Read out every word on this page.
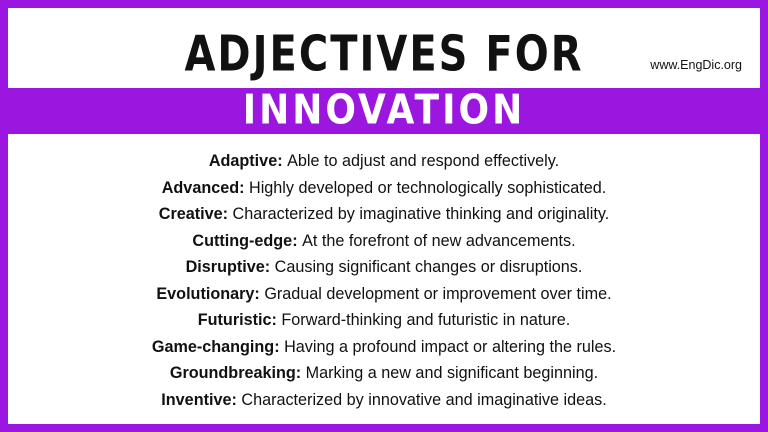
ADJECTIVES FOR	www.EngDic.org
INNOVATION
Adaptive: Able to adjust and respond effectively.
Advanced: Highly developed or technologically sophisticated.
Creative: Characterized by imaginative thinking and originality.
Cutting-edge: At the forefront of new advancements.
Disruptive: Causing significant changes or disruptions.
Evolutionary: Gradual development or improvement over time.
Futuristic: Forward-thinking and futuristic in nature.
Game-changing: Having a profound impact or altering the rules.
Groundbreaking: Marking a new and significant beginning.
Inventive: Characterized by innovative and imaginative ideas.
